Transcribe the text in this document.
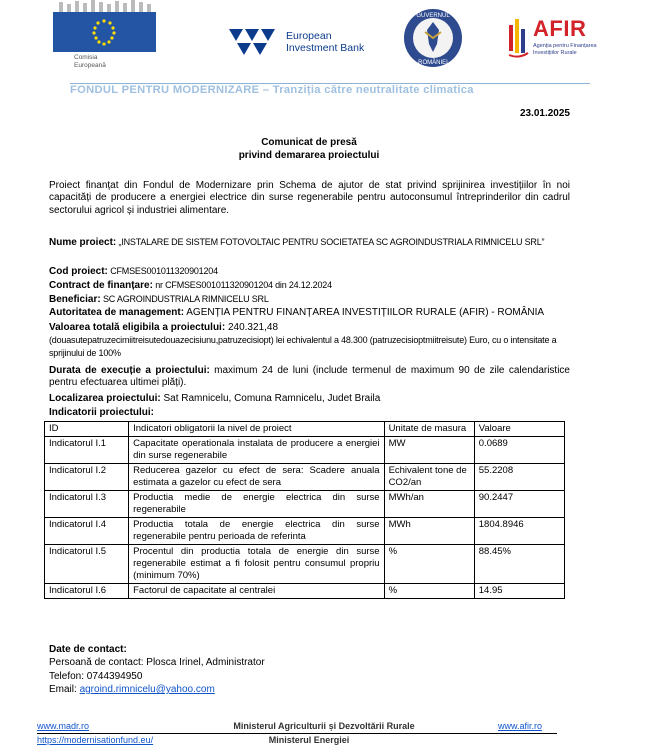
Comisia
Europeană
European
Investment Bank
GUVERNUL
ROMÂNIEI
AFIR
Agenția pentru Finanțarea
Investițiilor Rurale
FONDUL PENTRU MODERNIZARE – Tranziția către neutralitate climatica
23.01.2025
Comunicat de presă
privind demararea proiectului
Proiect finanțat din Fondul de Modernizare prin Schema de ajutor de stat privind sprijinirea investițiilor în noi capacități de producere a energiei electrice din surse regenerabile pentru autoconsumul întreprinderilor din cadrul sectorului agricol și industriei alimentare.
Nume proiect: „INSTALARE DE SISTEM FOTOVOLTAIC PENTRU SOCIETATEA SC AGROINDUSTRIALA RIMNICELU SRL”
Cod proiect: CFMSES001011320901204
Contract de finanțare: nr CFMSES001011320901204 din 24.12.2024
Beneficiar: SC AGROINDUSTRIALA RIMNICELU SRL
Autoritatea de management: AGENȚIA PENTRU FINANȚAREA INVESTIȚIILOR RURALE (AFIR) - ROMÂNIA
Valoarea totală eligibila a proiectului: 240.321,48
(douasutepatruzecimiitreisutedouazecisiunu,patruzecisiopt) lei echivalentul a 48.300 (patruzecisioptmiitreisute) Euro, cu o intensitate a sprijinului de 100%
Durata de execuție a proiectului: maximum 24 de luni (include termenul de maximum 90 de zile calendaristice pentru efectuarea ultimei plăți).
Localizarea proiectului: Sat Ramnicelu, Comuna Ramnicelu, Judet Braila
Indicatorii proiectului:
ID	Indicatori obligatorii la nivel de proiect	Unitate de masura	Valoare
Indicatorul I.1	Capacitate operationala instalata de producere a energiei din surse regenerabile	MW	0.0689
Indicatorul I.2	Reducerea gazelor cu efect de sera: Scadere anuala estimata a gazelor cu efect de sera	Echivalent tone de CO2/an	55.2208
Indicatorul I.3	Productia medie de energie electrica din surse regenerabile	MWh/an	90.2447
Indicatorul I.4	Productia totala de energie electrica din surse regenerabile pentru perioada de referinta	MWh	1804.8946
Indicatorul I.5	Procentul din productia totala de energie din surse regenerabile estimat a fi folosit pentru consumul propriu (minimum 70%)	%	88.45%
Indicatorul I.6	Factorul de capacitate al centralei	%	14.95
Date de contact:
Persoană de contact: Ploscа Irinel, Administrator
Telefon: 0744394950
Email: agroind.rimnicelu@yahoo.com
www.madr.ro	Ministerul Agriculturii și Dezvoltării Rurale	www.afir.ro
https://modernisationfund.eu/	Ministerul Energiei
